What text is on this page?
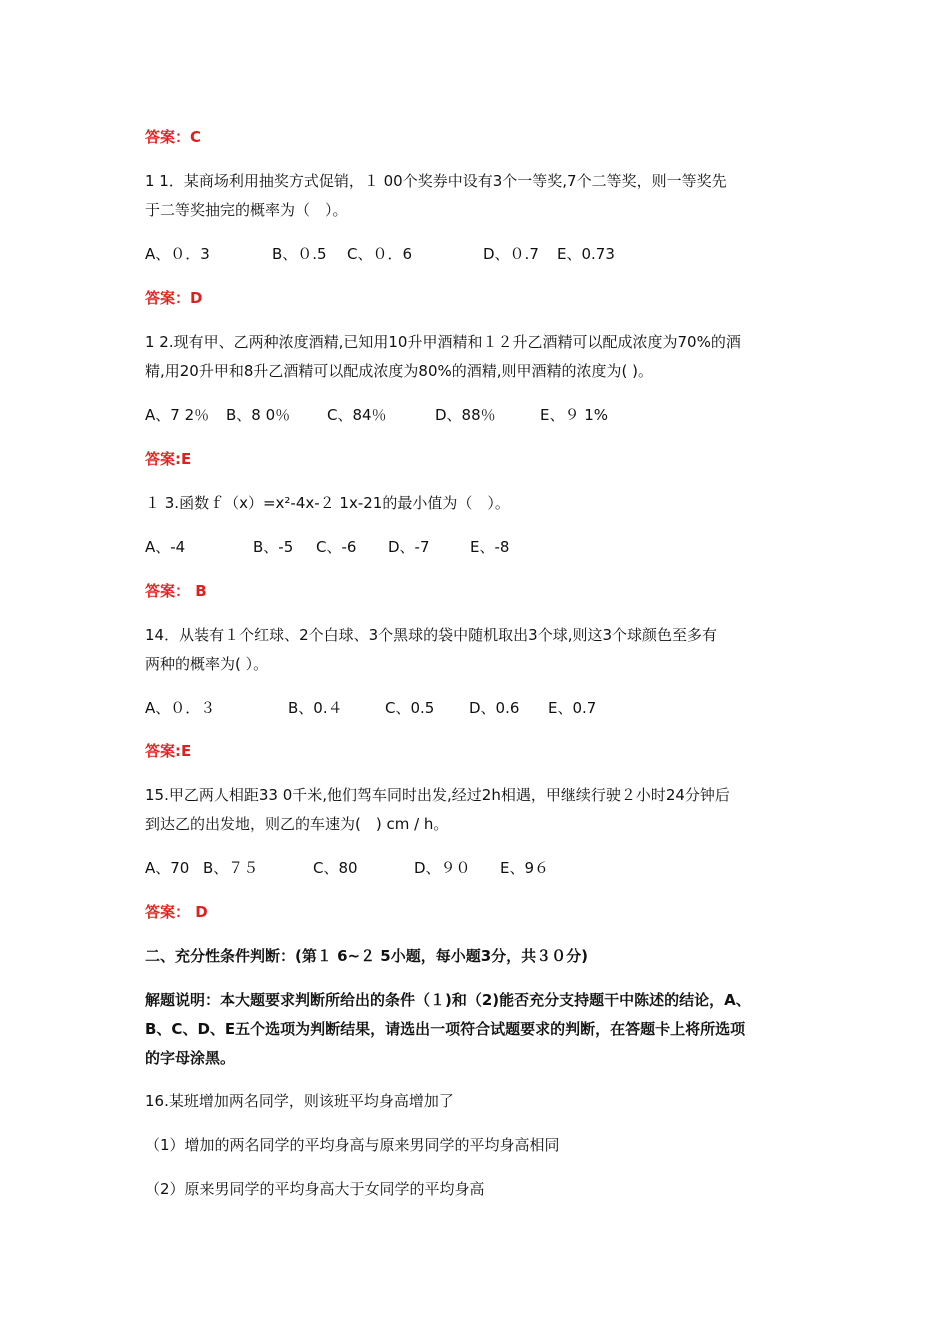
答案：C
1 1．某商场利用抽奖方式促销，１ 00个奖券中设有3个一等奖,7个二等奖，则一等奖先
于二等奖抽完的概率为（　）。
A、０．3	B、０.5 C、０．6	D、０.7 E、0.73
答案：D
1 2.现有甲、乙两种浓度酒精,已知用10升甲酒精和１２升乙酒精可以配成浓度为70%的酒
精,用20升甲和8升乙酒精可以配成浓度为80%的酒精,则甲酒精的浓度为( )。
A、7 2％ B、8 0％ C、84％	D、88％	E、９ 1%
答案:E
１ 3.函数ｆ（x）=x²-4x-２ 1x-21的最小值为（　）。
A、-4	B、-5 C、-6 D、-7	E、-8
答案： B
14．从装有１个红球、2个白球、3个黑球的袋中随机取出3个球,则这3个球颜色至多有
两种的概率为( ）。
A、０．３	B、0.４	C、0.5 D、0.6 E、0.7
答案:E
15.甲乙两人相距33 0千米,他们驾车同时出发,经过2h相遇，甲继续行驶２小时24分钟后
到达乙的出发地，则乙的车速为(　) cm / h。
A、70 B、７５	C、80	D、９０ E、9６
答案： D
二、充分性条件判断：(第１ 6~２ 5小题，每小题3分，共３０分)
解题说明：本大题要求判断所给出的条件（１)和（2)能否充分支持题干中陈述的结论，A、
B、C、D、E五个选项为判断结果，请选出一项符合试题要求的判断，在答题卡上将所选项
的字母涂黑。
16.某班增加两名同学，则该班平均身高增加了
（1）增加的两名同学的平均身高与原来男同学的平均身高相同
（2）原来男同学的平均身高大于女同学的平均身高
